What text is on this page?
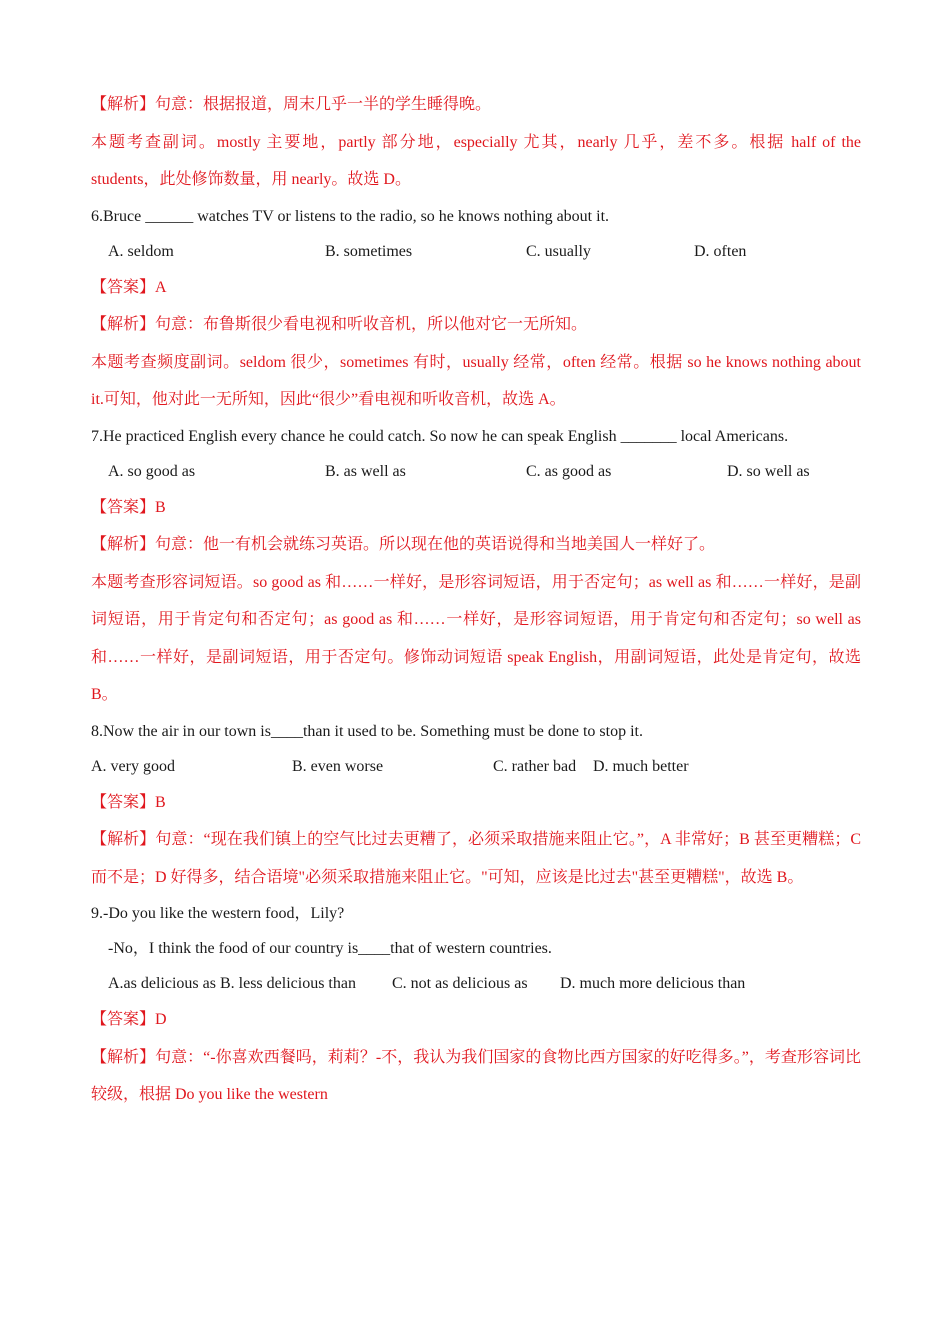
【解析】句意：根据报道，周末几乎一半的学生睡得晚。
本题考查副词。mostly 主要地，partly 部分地，especially 尤其，nearly 几乎，差不多。根据 half of the students，此处修饰数量，用 nearly。故选 D。
6.Bruce ______ watches TV or listens to the radio, so he knows nothing about it.
A. seldom	B. sometimes	C. usually	D. often
【答案】A
【解析】句意：布鲁斯很少看电视和听收音机，所以他对它一无所知。
本题考查频度副词。seldom 很少，sometimes 有时，usually 经常，often 经常。根据 so he knows nothing about it.可知，他对此一无所知，因此“很少”看电视和听收音机，故选 A。
7.He practiced English every chance he could catch. So now he can speak English _______ local Americans.
A. so good as	B. as well as	C. as good as	D. so well as
【答案】B
【解析】句意：他一有机会就练习英语。所以现在他的英语说得和当地美国人一样好了。
本题考查形容词短语。so good as 和……一样好，是形容词短语，用于否定句；as well as 和……一样好，是副词短语，用于肯定句和否定句；as good as 和……一样好，是形容词短语，用于肯定句和否定句；so well as 和……一样好，是副词短语，用于否定句。修饰动词短语 speak English，用副词短语，此处是肯定句，故选 B。
8.Now the air in our town is____than it used to be. Something must be done to stop it.
A. very good	B. even worse	C. rather bad D. much better
【答案】B
【解析】句意：“现在我们镇上的空气比过去更糟了，必须采取措施来阻止它。”，A 非常好；B 甚至更糟糕；C 而不是；D 好得多，结合语境"必须采取措施来阻止它。"可知，应该是比过去"甚至更糟糕"，故选 B。
9.-Do you like the western food，Lily?
-No，I think the food of our country is____that of western countries.
A.as delicious as B. less delicious than C. not as delicious as D. much more delicious than
【答案】D
【解析】句意：“-你喜欢西餐吗，莉莉？-不，我认为我们国家的食物比西方国家的好吃得多。”，考查形容词比较级，根据 Do you like the western
